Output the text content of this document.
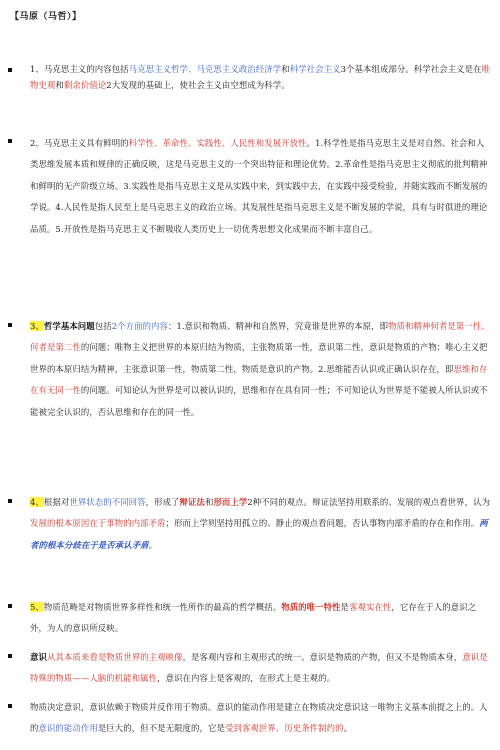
【马原（马哲）】
1、马克思主义的内容包括马克思主义哲学、马克思主义政治经济学和科学社会主义3个基本组成部分。科学社会主义是在唯物史观和剩余价值论2大发现的基础上，使社会主义由空想成为科学。
2、马克思主义具有鲜明的科学性、革命性、实践性、人民性和发展开放性。1.科学性是指马克思主义是对自然、社会和人类思维发展本质和规律的正确反映，这是马克思主义的一个突出特征和理论优势。2.革命性是指马克思主义彻底的批判精神和鲜明的无产阶级立场。3.实践性是指马克思主义是从实践中来，到实践中去，在实践中接受检验，并随实践而不断发展的学说。4.人民性是指人民至上是马克思主义的政治立场。其发展性是指马克思主义是不断发展的学说，具有与时俱进的理论品质。5.开放性是指马克思主义不断吸收人类历史上一切优秀思想文化成果而不断丰富自己。
3、哲学基本问题包括2个方面的内容：1.意识和物质、精神和自然界，究竟谁是世界的本原，即物质和精神何者是第一性、何者是第二性的问题；唯物主义把世界的本原归结为物质，主张物质第一性，意识第二性，意识是物质的产物；唯心主义把世界的本原归结为精神，主张意识第一性，物质第二性，物质是意识的产物。2.思维能否认识或正确认识存在，即思维和存在有无同一性的问题。可知论认为世界是可以被认识的，思维和存在具有同一性；不可知论认为世界是不能被人所认识或不能被完全认识的，否认思维和存在的同一性。
4、根据对世界状态的不同回答，形成了辩证法和形而上学2种不同的观点。辩证法坚持用联系的、发展的观点看世界，认为发展的根本原因在于事物的内部矛盾；形而上学则坚持用孤立的、静止的观点看问题，否认事物内部矛盾的存在和作用。两者的根本分歧在于是否承认矛盾。
5、物质范畴是对物质世界多样性和统一性所作的最高的哲学概括。物质的唯一特性是客观实在性，它存在于人的意识之外，为人的意识所反映。
意识从其本质来看是物质世界的主观映像，是客观内容和主观形式的统一。意识是物质的产物，但又不是物质本身，意识是特殊的物质——人脑的机能和属性，意识在内容上是客观的，在形式上是主观的。
物质决定意识，意识依赖于物质并反作用于物质。意识的能动作用是建立在物质决定意识这一唯物主义基本前提之上的。人的意识的能动作用是巨大的，但不是无限度的，它是受到客观世界、历史条件制约的。
